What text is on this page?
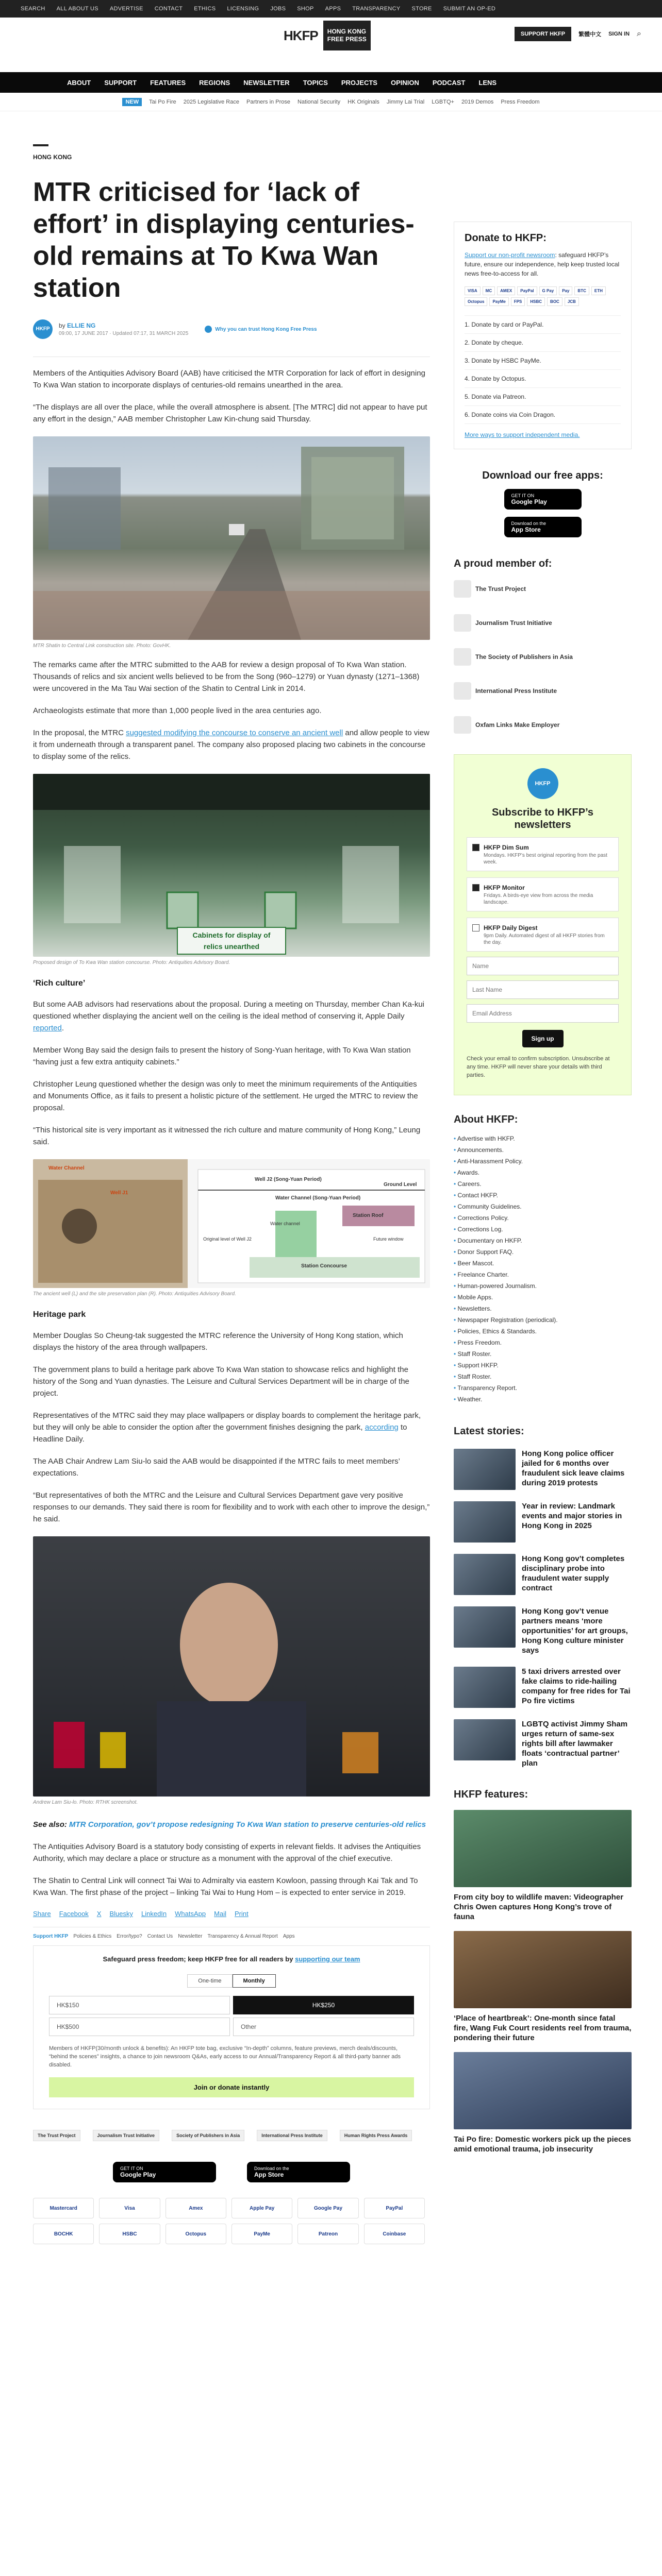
SEARCH ALL ABOUT US ADVERTISE CONTACT ETHICS LICENSING JOBS SHOP APPS TRANSPARENCY STORE SUBMIT AN OP-ED
HKFP	HONG KONG
FREE PRESS
SUPPORT HKFP	繁體中文 SIGN IN ⌕
ABOUT SUPPORT FEATURES REGIONS NEWSLETTER TOPICS PROJECTS OPINION PODCAST LENS
NEW	Tai Po Fire 2025 Legislative Race Partners in Prose National Security HK Originals Jimmy Lai Trial LGBTQ+ 2019 Demos Press Freedom
HONG KONG
MTR criticised for ‘lack of effort’ in displaying centuries-old remains at To Kwa Wan station
HKFP	by ELLIE NG
09:00, 17 JUNE 2017 · Updated 07:17, 31 MARCH 2025
Why you can trust Hong Kong Free Press

Members of the Antiquities Advisory Board (AAB) have criticised the MTR Corporation for lack of effort in designing To Kwa Wan station to incorporate displays of centuries-old remains unearthed in the area.

“The displays are all over the place, while the overall atmosphere is absent. [The MTRC] did not appear to have put any effort in the design,” AAB member Christopher Law Kin-chung said Thursday.

MTR Shatin to Central Link construction site. Photo: GovHK.

The remarks came after the MTRC submitted to the AAB for review a design proposal of To Kwa Wan station. Thousands of relics and six ancient wells believed to be from the Song (960–1279) or Yuan dynasty (1271–1368) were uncovered in the Ma Tau Wai section of the Shatin to Central Link in 2014.

Archaeologists estimate that more than 1,000 people lived in the area centuries ago.

In the proposal, the MTRC suggested modifying the concourse to conserve an ancient well and allow people to view it from underneath through a transparent panel. The company also proposed placing two cabinets in the concourse to display some of the relics.

Cabinets for display of
relics unearthed
Proposed design of To Kwa Wan station concourse. Photo: Antiquities Advisory Board.
‘Rich culture’

But some AAB advisors had reservations about the proposal. During a meeting on Thursday, member Chan Ka-kui questioned whether displaying the ancient well on the ceiling is the ideal method of conserving it, Apple Daily reported.

Member Wong Bay said the design fails to present the history of Song-Yuan heritage, with To Kwa Wan station “having just a few extra antiquity cabinets.”

Christopher Leung questioned whether the design was only to meet the minimum requirements of the Antiquities and Monuments Office, as it fails to present a holistic picture of the settlement. He urged the MTRC to review the proposal.

“This historical site is very important as it witnessed the rich culture and mature community of Hong Kong,” Leung said.

Water Channel
Well J1
Well J2 (Song-Yuan Period)
Water Channel (Song-Yuan Period)
Ground Level
Original level of Well J2
Station Roof
Station Concourse
Water channel
Future window
The ancient well (L) and the site preservation plan (R). Photo: Antiquities Advisory Board.
Heritage park

Member Douglas So Cheung-tak suggested the MTRC reference the University of Hong Kong station, which displays the history of the area through wallpapers.

The government plans to build a heritage park above To Kwa Wan station to showcase relics and highlight the history of the Song and Yuan dynasties. The Leisure and Cultural Services Department will be in charge of the project.

Representatives of the MTRC said they may place wallpapers or display boards to complement the heritage park, but they will only be able to consider the option after the government finishes designing the park, according to Headline Daily.

The AAB Chair Andrew Lam Siu-lo said the AAB would be disappointed if the MTRC fails to meet members’ expectations.

“But representatives of both the MTRC and the Leisure and Cultural Services Department gave very positive responses to our demands. They said there is room for flexibility and to work with each other to improve the design,” he said.

Andrew Lam Siu-lo. Photo: RTHK screenshot.
See also: MTR Corporation, gov’t propose redesigning To Kwa Wan station to preserve centuries-old relics

The Antiquities Advisory Board is a statutory body consisting of experts in relevant fields. It advises the Antiquities Authority, which may declare a place or structure as a monument with the approval of the chief executive.

The Shatin to Central Link will connect Tai Wai to Admiralty via eastern Kowloon, passing through Kai Tak and To Kwa Wan. The first phase of the project – linking Tai Wai to Hung Hom – is expected to enter service in 2019.

Share Facebook X Bluesky LinkedIn WhatsApp Mail Print
Support HKFP Policies & Ethics Error/typo? Contact Us Newsletter Transparency & Annual Report Apps
Safeguard press freedom; keep HKFP free for all readers by supporting our team
One-time	Monthly
HK$150	HK$250
HK$500	Other
Members of HKFP(30/month unlock & benefits): An HKFP tote bag, exclusive “In-depth” columns, feature previews, merch deals/discounts, “behind the scenes” insights, a chance to join newsroom Q&As, early access to our Annual/Transparency Report & all third-party banner ads disabled.
Join or donate instantly
The Trust Project	Journalism Trust Initiative	Society of Publishers in Asia	International Press Institute	Human Rights Press Awards
GET IT ON
Google Play
Download on the
App Store
Mastercard	Visa	Amex	Apple Pay	Google Pay	PayPal
BOCHK	HSBC	Octopus	PayMe	Patreon	Coinbase
Donate to HKFP:
Support our non-profit newsroom: safeguard HKFP’s future, ensure our independence, help keep trusted local news free-to-access for all.
VISA	MC	AMEX	PayPal	G Pay	Pay	BTC	ETH
Octopus	PayMe	FPS	HSBC	BOC	JCB
1. Donate by card or PayPal.
2. Donate by cheque.
3. Donate by HSBC PayMe.
4. Donate by Octopus.
5. Donate via Patreon.
6. Donate coins via Coin Dragon.
More ways to support independent media.
Download our free apps:
GET IT ON
Google Play

Download on the
App Store
A proud member of:
The Trust Project
Journalism Trust Initiative
The Society of Publishers in Asia
International Press Institute
Oxfam Links Make Employer
HKFP
Subscribe to HKFP’s newsletters
HKFP Dim Sum
Mondays. HKFP’s best original reporting from the past week.
HKFP Monitor
Fridays. A birds-eye view from across the media landscape.
HKFP Daily Digest
9pm Daily. Automated digest of all HKFP stories from the day.
Name Last Name Email Address Sign up
Check your email to confirm subscription. Unsubscribe at any time. HKFP will never share your details with third parties.
About HKFP:
• Advertise with HKFP.
• Announcements.
• Anti-Harassment Policy.
• Awards.
• Careers.
• Contact HKFP.
• Community Guidelines.
• Corrections Policy.
• Corrections Log.
• Documentary on HKFP.
• Donor Support FAQ.
• Beer Mascot.
• Freelance Charter.
• Human-powered Journalism.
• Mobile Apps.
• Newsletters.
• Newspaper Registration (periodical).
• Policies, Ethics & Standards.
• Press Freedom.
• Staff Roster.
• Support HKFP.
• Staff Roster.
• Transparency Report.
• Weather.
Latest stories:
Hong Kong police officer jailed for 6 months over fraudulent sick leave claims during 2019 protests
Year in review: Landmark events and major stories in Hong Kong in 2025
Hong Kong gov’t completes disciplinary probe into fraudulent water supply contract
Hong Kong gov’t venue partners means ‘more opportunities’ for art groups, Hong Kong culture minister says
5 taxi drivers arrested over fake claims to ride-hailing company for free rides for Tai Po fire victims
LGBTQ activist Jimmy Sham urges return of same-sex rights bill after lawmaker floats ‘contractual partner’ plan
HKFP features:
From city boy to wildlife maven: Videographer Chris Owen captures Hong Kong’s trove of fauna
‘Place of heartbreak’: One-month since fatal fire, Wang Fuk Court residents reel from trauma, pondering their future
Tai Po fire: Domestic workers pick up the pieces amid emotional trauma, job insecurity
